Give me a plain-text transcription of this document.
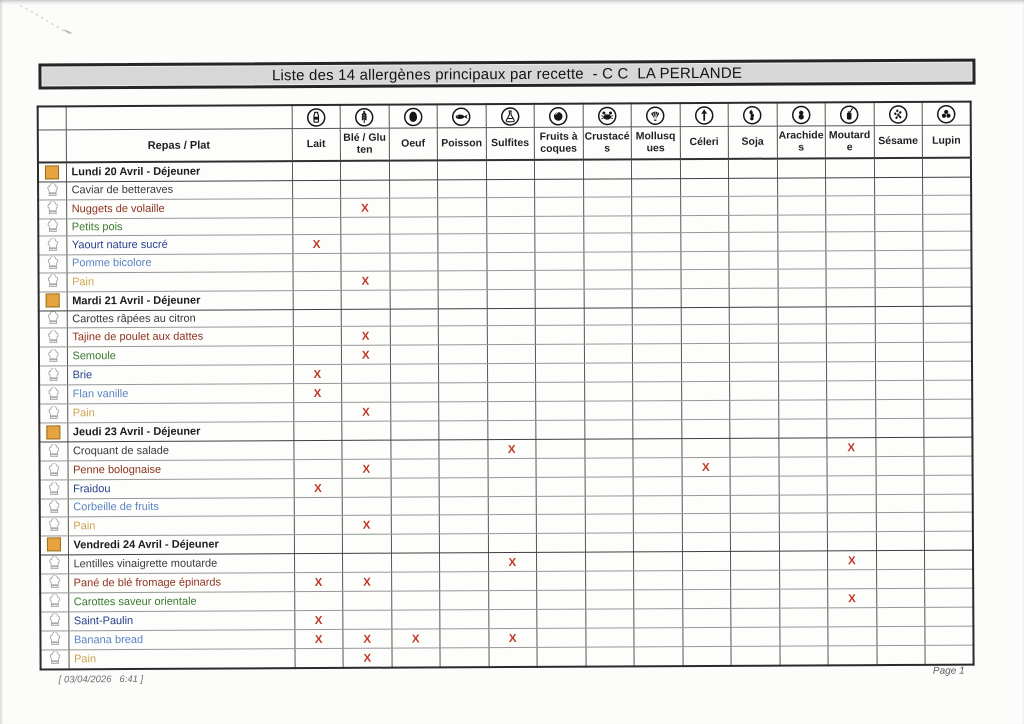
Liste des 14 allergènes principaux par recette  - C C  LA PERLANDE

	Repas / Plat	Lait	Blé / Gluten	Oeuf	Poisson	Sulfites	Fruits à coques	Crustacés	Mollusques	Céleri	Soja	Arachides	Moutarde	Sésame	Lupin
	Lundi 20 Avril - Déjeuner														

	Caviar de betteraves														

	Nuggets de volaille		X												

	Petits pois														

	Yaourt nature sucré	X													

	Pomme bicolore														

	Pain		X												
	Mardi 21 Avril - Déjeuner														

	Carottes râpées au citron														

	Tajine de poulet aux dattes		X												

	Semoule		X												

	Brie	X													

	Flan vanille	X													

	Pain		X												
	Jeudi 23 Avril - Déjeuner														

	Croquant de salade					X							X		

	Penne bolognaise		X							X					

	Fraidou	X													

	Corbeille de fruits														

	Pain		X												
	Vendredi 24 Avril - Déjeuner														

	Lentilles vinaigrette moutarde					X							X		

	Pané de blé fromage épinards	X	X												

	Carottes saveur orientale												X		

	Saint-Paulin	X													

	Banana bread	X	X	X		X									

	Pain		X												
[ 03/04/2026   6:41 ]
Page 1
